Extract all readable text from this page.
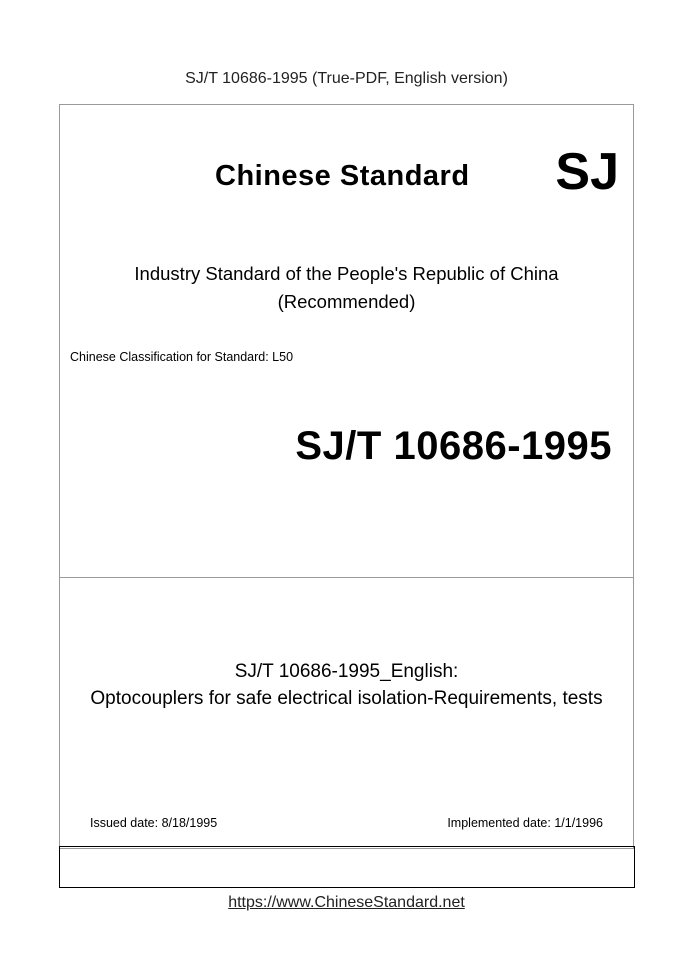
SJ/T 10686-1995 (True-PDF, English version)
Chinese Standard SJ
Industry Standard of the People's Republic of China
(Recommended)
Chinese Classification for Standard: L50
SJ/T 10686-1995
SJ/T 10686-1995_English:
Optocouplers for safe electrical isolation-Requirements, tests
Issued date: 8/18/1995	Implemented date: 1/1/1996
https://www.ChineseStandard.net
